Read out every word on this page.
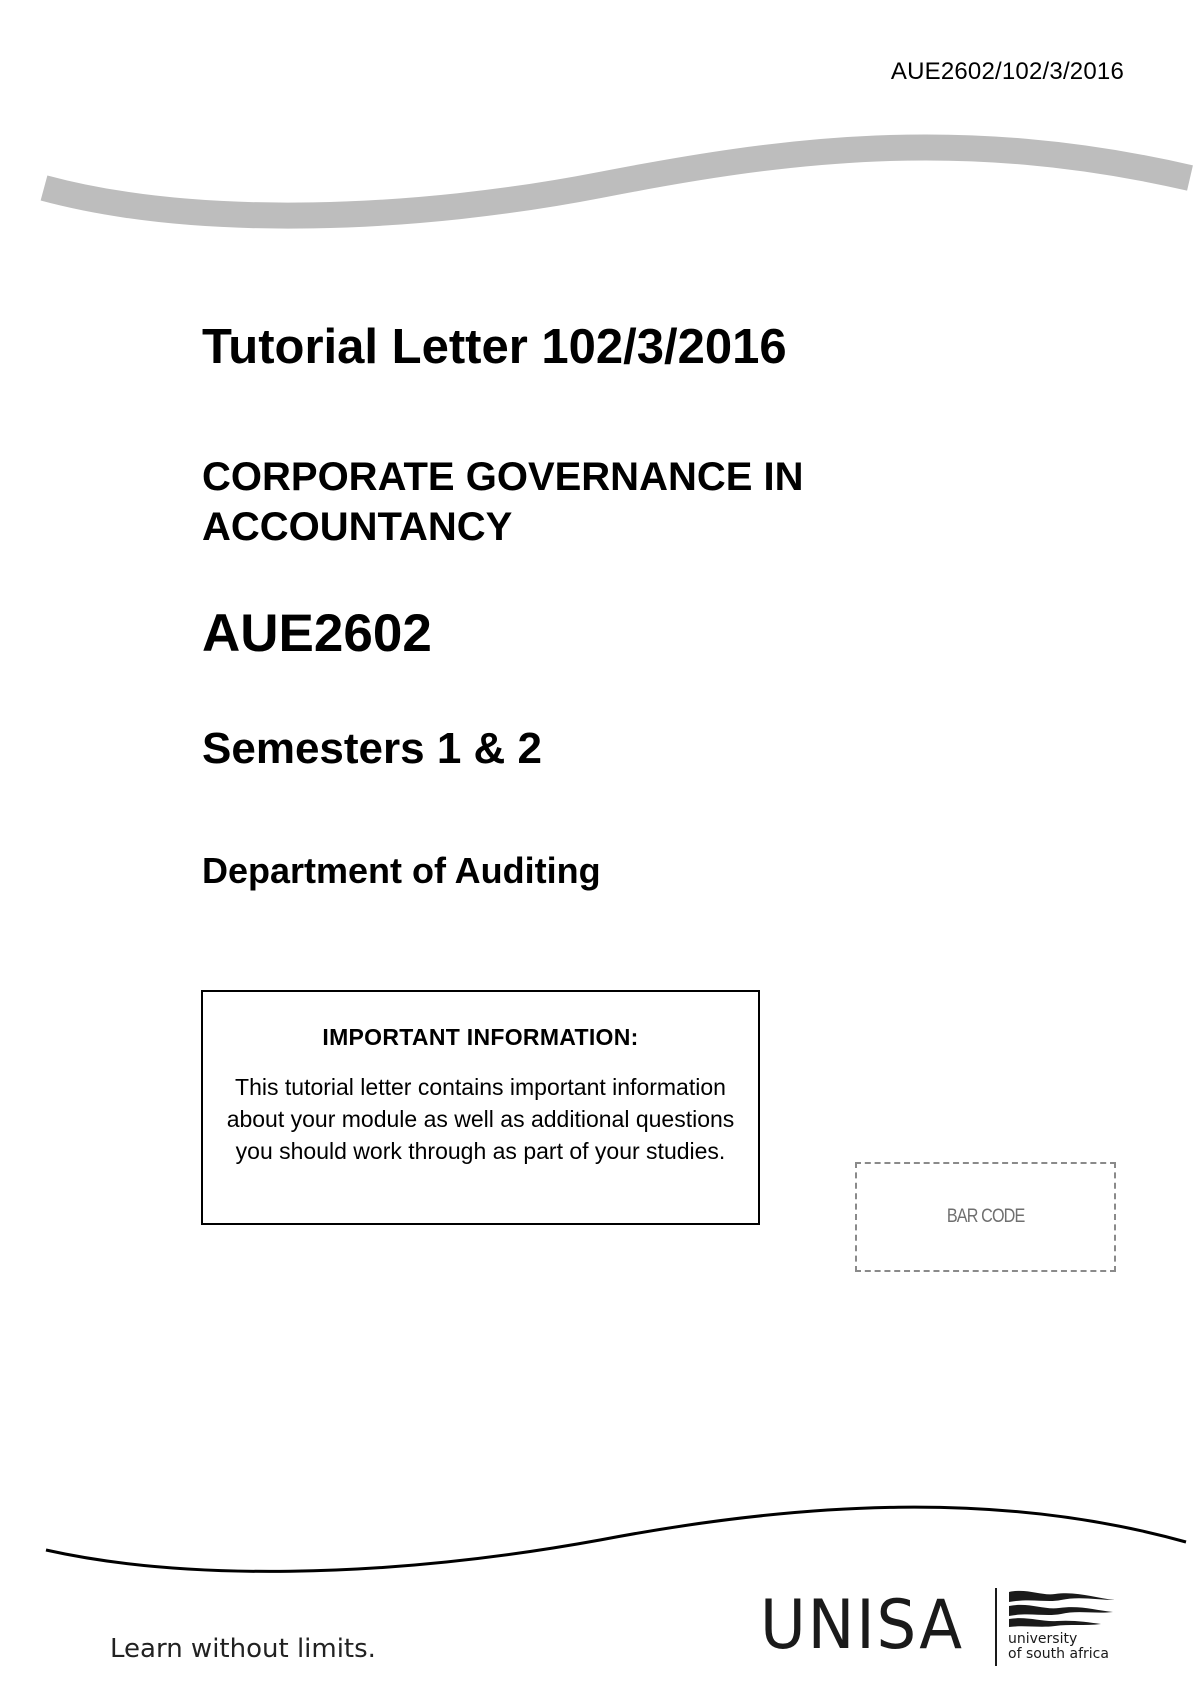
AUE2602/102/3/2016
Tutorial Letter 102/3/2016
CORPORATE GOVERNANCE IN
ACCOUNTANCY
AUE2602
Semesters 1 & 2
Department of Auditing

IMPORTANT INFORMATION:

This tutorial letter contains important information about your module as well as additional questions you should work through as part of your studies.

BAR CODE
Learn without limits.	UNISA	university
of south africa
